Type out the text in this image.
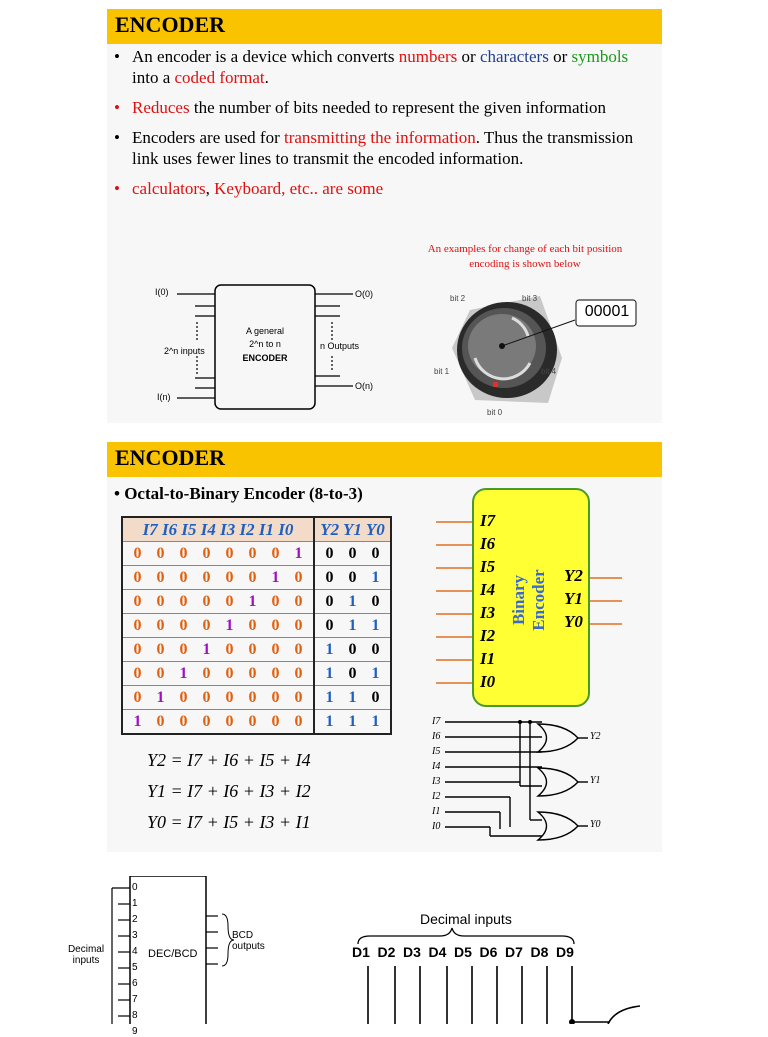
ENCODER
• An encoder is a device which converts numbers or characters or symbols into a coded format.
• Reduces the number of bits needed to represent the given information
• Encoders are used for transmitting the information. Thus the transmission link uses fewer lines to transmit the encoded information.
• calculators, Keyboard, etc.. are some
An examples for change of each bit position encoding is shown below
I(0)
2^n inputs
I(n)
A general
2^n to n
ENCODER
O(0)
n Outputs
O(n)
00001
bit 2	bit 3
bit 1	bit 4
bit 0
ENCODER
• Octal-to-Binary Encoder (8-to-3)
I7 I6 I5 I4 I3 I2 I1 I0	Y2 Y1 Y0
0 0 0 0 0 0 0 1	0 0 0
0 0 0 0 0 0 1 0	0 0 1
0 0 0 0 0 1 0 0	0 1 0
0 0 0 0 1 0 0 0	0 1 1
0 0 0 1 0 0 0 0	1 0 0
0 0 1 0 0 0 0 0	1 0 1
0 1 0 0 0 0 0 0	1 1 0
1 0 0 0 0 0 0 0	1 1 1
Y2 = I7 + I6 + I5 + I4
Y1 = I7 + I6 + I3 + I2
Y0 = I7 + I5 + I3 + I1
I7
I6
I5
I4
I3
I2
I1
I0
Y2
Y1
Y0
Binary Encoder
I7
I6
I5
I4
I3
I2
I1
I0
Y2
Y1
Y0
0
1
2
3
4
5
6
7
8
9
Decimal
inputs
DEC/BCD
BCD
outputs
Decimal inputs
D1 D2 D3 D4 D5 D6 D7 D8 D9
